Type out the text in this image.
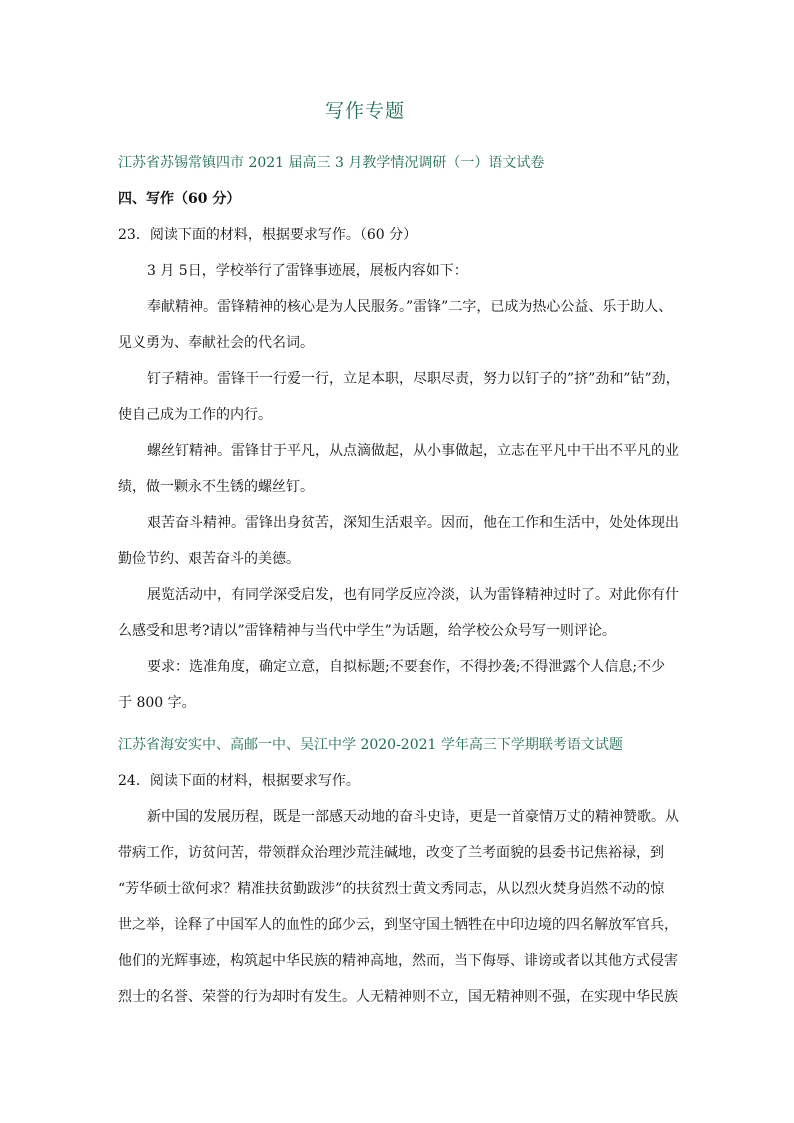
写作专题
江苏省苏锡常镇四市 2021 届高三 3 月教学情况调研（一）语文试卷
四、写作（60 分）
23．阅读下面的材料，根据要求写作。（60 分）
3 月 5日，学校举行了雷锋事迹展，展板内容如下：
奉献精神。雷锋精神的核心是为人民服务。”雷锋”二字，已成为热心公益、乐于助人、
见义勇为、奉献社会的代名词。
钉子精神。雷锋干一行爱一行，立足本职，尽职尽责，努力以钉子的”挤”劲和”钻”劲，
使自己成为工作的内行。
螺丝钉精神。雷锋甘于平凡，从点滴做起，从小事做起，立志在平凡中干出不平凡的业
绩，做一颗永不生锈的螺丝钉。
艰苦奋斗精神。雷锋出身贫苦，深知生活艰辛。因而，他在工作和生活中，处处体现出
勤俭节约、艰苦奋斗的美德。
展览活动中，有同学深受启发，也有同学反应冷淡，认为雷锋精神过时了。对此你有什
么感受和思考?请以”雷锋精神与当代中学生”为话题，给学校公众号写一则评论。
要求：选准角度，确定立意，自拟标题;不要套作，不得抄袭;不得泄露个人信息;不少
于 800 字。
江苏省海安实中、高邮一中、吴江中学 2020-2021 学年高三下学期联考语文试题
24．阅读下面的材料，根据要求写作。
新中国的发展历程，既是一部感天动地的奋斗史诗，更是一首豪情万丈的精神赞歌。从
带病工作，访贫问苦，带领群众治理沙荒洼碱地，改变了兰考面貌的县委书记焦裕禄，到
“芳华硕士欲何求？精准扶贫勤跋涉”的扶贫烈士黄文秀同志，从以烈火焚身岿然不动的惊
世之举，诠释了中国军人的血性的邱少云，到坚守国土牺牲在中印边境的四名解放军官兵，
他们的光辉事迹，构筑起中华民族的精神高地，然而，当下侮辱、诽谤或者以其他方式侵害
烈士的名誉、荣誉的行为却时有发生。人无精神则不立，国无精神则不强，在实现中华民族
